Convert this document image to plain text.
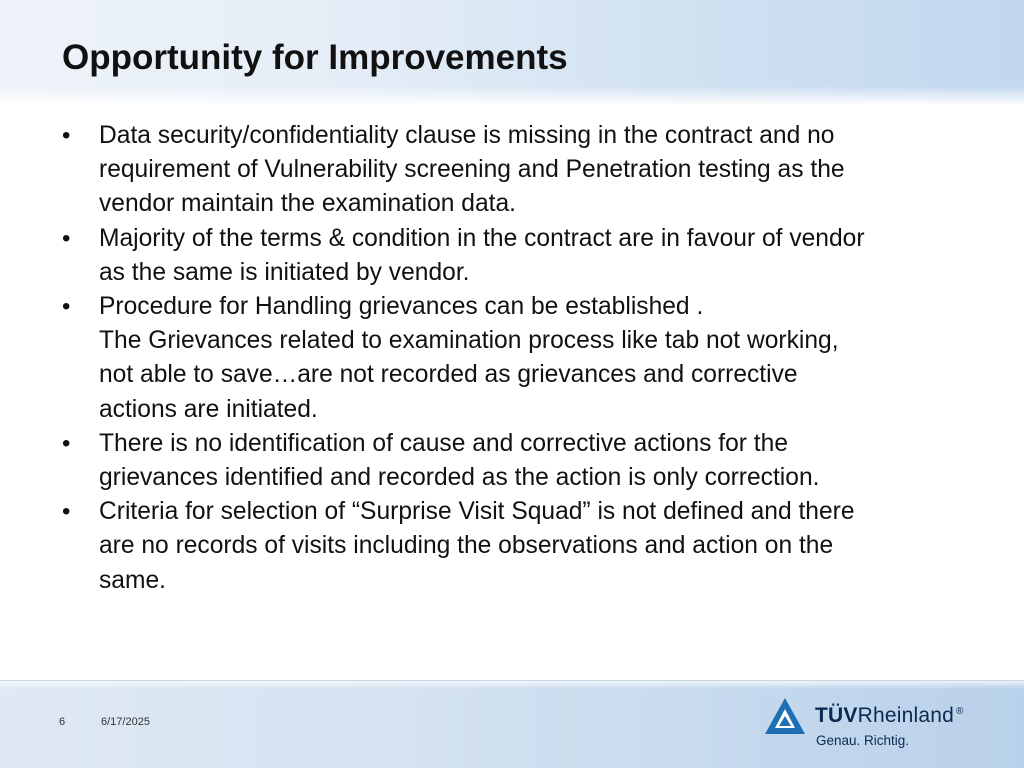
Opportunity for Improvements
•	Data security/confidentiality clause is missing in the contract and no
requirement of Vulnerability screening and Penetration testing as the
vendor maintain the examination data.
•	Majority of the terms & condition in the contract are in favour of vendor
as the same is initiated by vendor.
•	Procedure for Handling grievances can be established .
The Grievances related to examination process like tab not working,
not able to save…are not recorded as grievances and corrective
actions are initiated.
•	There is no identification of cause and corrective actions for the
grievances identified and recorded as the action is only correction.
•	Criteria for selection of “Surprise Visit Squad” is not defined and there
are no records of visits including the observations and action on the
same.
6	6/17/2025	TÜVRheinland ®
Genau. Richtig.
